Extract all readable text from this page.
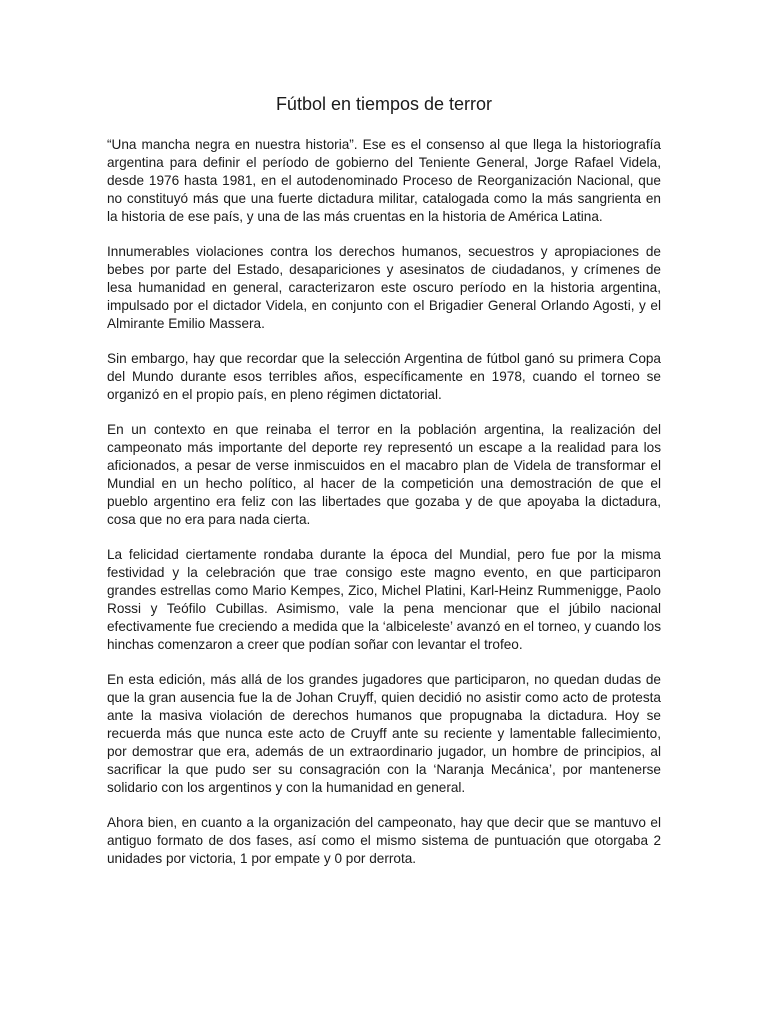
Fútbol en tiempos de terror

“Una mancha negra en nuestra historia”. Ese es el consenso al que llega la historiografía argentina para definir el período de gobierno del Teniente General, Jorge Rafael Videla, desde 1976 hasta 1981, en el autodenominado Proceso de Reorganización Nacional, que no constituyó más que una fuerte dictadura militar, catalogada como la más sangrienta en la historia de ese país, y una de las más cruentas en la historia de América Latina.

Innumerables violaciones contra los derechos humanos, secuestros y apropiaciones de bebes por parte del Estado, desapariciones y asesinatos de ciudadanos, y crímenes de lesa humanidad en general, caracterizaron este oscuro período en la historia argentina, impulsado por el dictador Videla, en conjunto con el Brigadier General Orlando Agosti, y el Almirante Emilio Massera.

Sin embargo, hay que recordar que la selección Argentina de fútbol ganó su primera Copa del Mundo durante esos terribles años, específicamente en 1978, cuando el torneo se organizó en el propio país, en pleno régimen dictatorial.

En un contexto en que reinaba el terror en la población argentina, la realización del campeonato más importante del deporte rey representó un escape a la realidad para los aficionados, a pesar de verse inmiscuidos en el macabro plan de Videla de transformar el Mundial en un hecho político, al hacer de la competición una demostración de que el pueblo argentino era feliz con las libertades que gozaba y de que apoyaba la dictadura, cosa que no era para nada cierta.

La felicidad ciertamente rondaba durante la época del Mundial, pero fue por la misma festividad y la celebración que trae consigo este magno evento, en que participaron grandes estrellas como Mario Kempes, Zico, Michel Platini, Karl-Heinz Rummenigge, Paolo Rossi y Teófilo Cubillas. Asimismo, vale la pena mencionar que el júbilo nacional efectivamente fue creciendo a medida que la ‘albiceleste’ avanzó en el torneo, y cuando los hinchas comenzaron a creer que podían soñar con levantar el trofeo.

En esta edición, más allá de los grandes jugadores que participaron, no quedan dudas de que la gran ausencia fue la de Johan Cruyff, quien decidió no asistir como acto de protesta ante la masiva violación de derechos humanos que propugnaba la dictadura. Hoy se recuerda más que nunca este acto de Cruyff ante su reciente y lamentable fallecimiento, por demostrar que era, además de un extraordinario jugador, un hombre de principios, al sacrificar la que pudo ser su consagración con la ‘Naranja Mecánica’, por mantenerse solidario con los argentinos y con la humanidad en general.

Ahora bien, en cuanto a la organización del campeonato, hay que decir que se mantuvo el antiguo formato de dos fases, así como el mismo sistema de puntuación que otorgaba 2 unidades por victoria, 1 por empate y 0 por derrota.
